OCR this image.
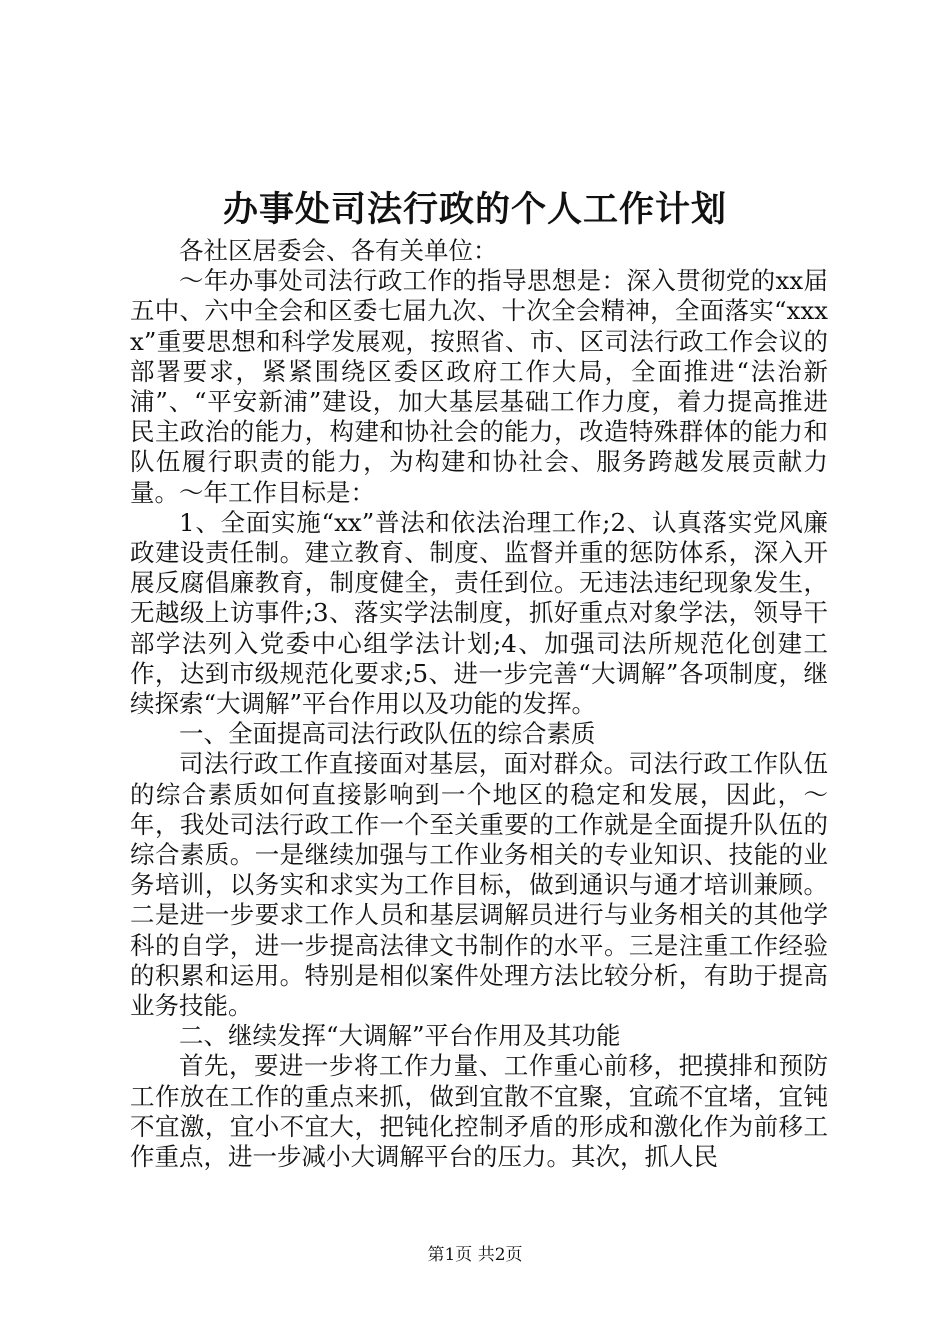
办事处司法行政的个人工作计划

各社区居委会、各有关单位：

～年办事处司法行政工作的指导思想是：深入贯彻党的xx届五中、六中全会和区委七届九次、十次全会精神，全面落实“xxxx”重要思想和科学发展观，按照省、市、区司法行政工作会议的部署要求，紧紧围绕区委区政府工作大局，全面推进“法治新浦”、“平安新浦”建设，加大基层基础工作力度，着力提高推进民主政治的能力，构建和协社会的能力，改造特殊群体的能力和队伍履行职责的能力，为构建和协社会、服务跨越发展贡献力量。～年工作目标是：

1、全面实施“xx”普法和依法治理工作;2、认真落实党风廉政建设责任制。建立教育、制度、监督并重的惩防体系，深入开展反腐倡廉教育，制度健全，责任到位。无违法违纪现象发生，无越级上访事件;3、落实学法制度，抓好重点对象学法，领导干部学法列入党委中心组学法计划;4、加强司法所规范化创建工作，达到市级规范化要求;5、进一步完善“大调解”各项制度，继续探索“大调解”平台作用以及功能的发挥。

一、全面提高司法行政队伍的综合素质

司法行政工作直接面对基层，面对群众。司法行政工作队伍的综合素质如何直接影响到一个地区的稳定和发展，因此，～年，我处司法行政工作一个至关重要的工作就是全面提升队伍的综合素质。一是继续加强与工作业务相关的专业知识、技能的业务培训，以务实和求实为工作目标，做到通识与通才培训兼顾。二是进一步要求工作人员和基层调解员进行与业务相关的其他学科的自学，进一步提高法律文书制作的水平。三是注重工作经验的积累和运用。特别是相似案件处理方法比较分析，有助于提高业务技能。

二、继续发挥“大调解”平台作用及其功能

首先，要进一步将工作力量、工作重心前移，把摸排和预防工作放在工作的重点来抓，做到宜散不宜聚，宜疏不宜堵，宜钝不宜激，宜小不宜大，把钝化控制矛盾的形成和激化作为前移工作重点，进一步减小大调解平台的压力。其次，抓人民

第1页 共2页
